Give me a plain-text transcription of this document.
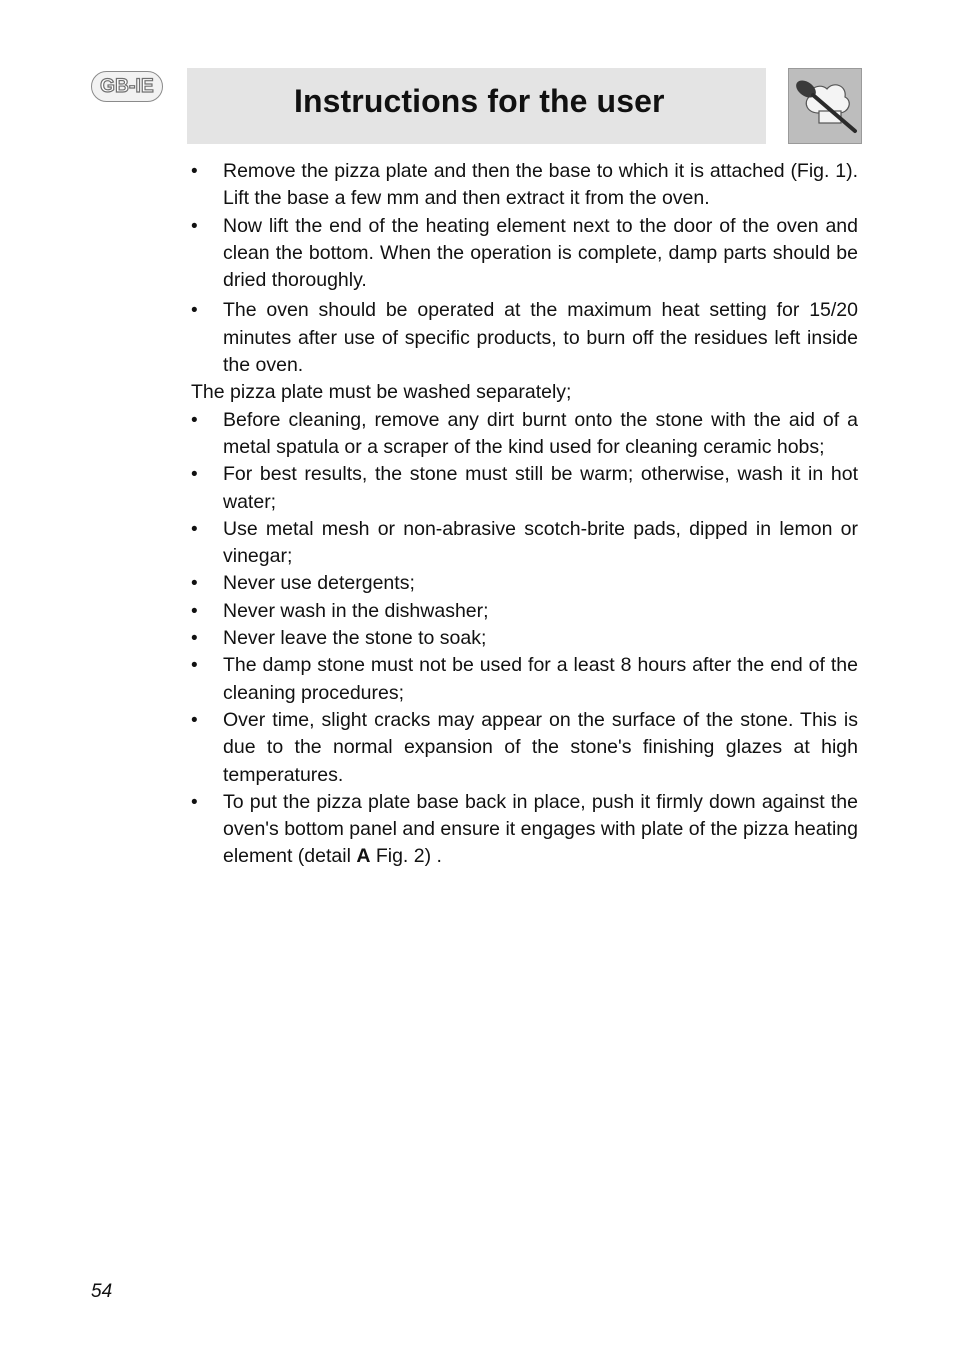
GB-IE	Instructions for the user
• Remove the pizza plate and then the base to which it is attached (Fig. 1). Lift the base a few mm and then extract it from the oven.
• Now lift the end of the heating element next to the door of the oven and clean the bottom. When the operation is complete, damp parts should be dried thoroughly.
• The oven should be operated at the maximum heat setting for 15/20 minutes after use of specific products, to burn off the residues left inside the oven.

The pizza plate must be washed separately;

• Before cleaning, remove any dirt burnt onto the stone with the aid of a metal spatula or a scraper of the kind used for cleaning ceramic hobs;
• For best results, the stone must still be warm; otherwise, wash it in hot water;
• Use metal mesh or non-abrasive scotch-brite pads, dipped in lemon or vinegar;
• Never use detergents;
• Never wash in the dishwasher;
• Never leave the stone to soak;
• The damp stone must not be used for a least 8 hours after the end of the cleaning procedures;
• Over time, slight cracks may appear on the surface of the stone. This is due to the normal expansion of the stone's finishing glazes at high temperatures.
• To put the pizza plate base back in place, push it firmly down against the oven's bottom panel and ensure it engages with plate of the pizza heating element (detail A Fig. 2) .
54
